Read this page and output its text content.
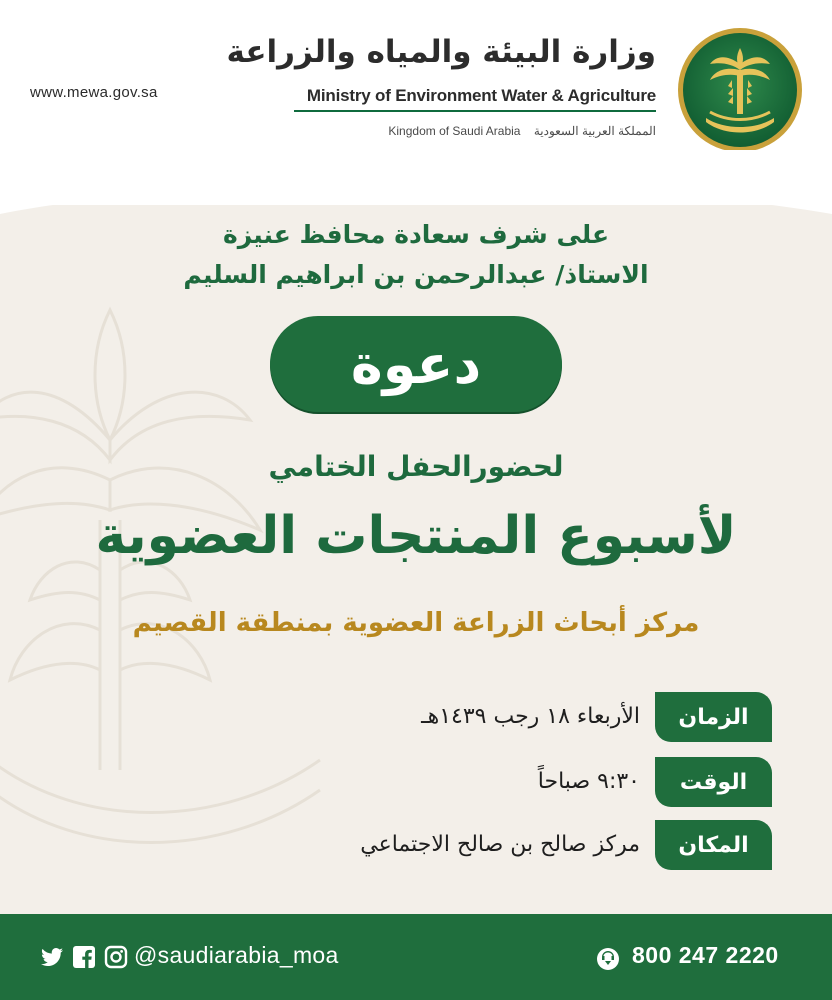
www.mewa.gov.sa
وزارة البيئة والمياه والزراعة
Ministry of Environment Water & Agriculture
Kingdom of Saudi Arabia المملكة العربية السعودية
على شرف سعادة محافظ عنيزة
الاستاذ/ عبدالرحمن بن ابراهيم السليم
دعوة
لحضورالحفل الختامي
لأسبوع المنتجات العضوية
مركز أبحاث الزراعة العضوية بمنطقة القصيم
الزمان
الأربعاء ١٨ رجب ١٤٣٩هـ
الوقت
٩:٣٠ صباحاً
المكان
مركز صالح بن صالح الاجتماعي
@saudiarabia_moa	800 247 2220
